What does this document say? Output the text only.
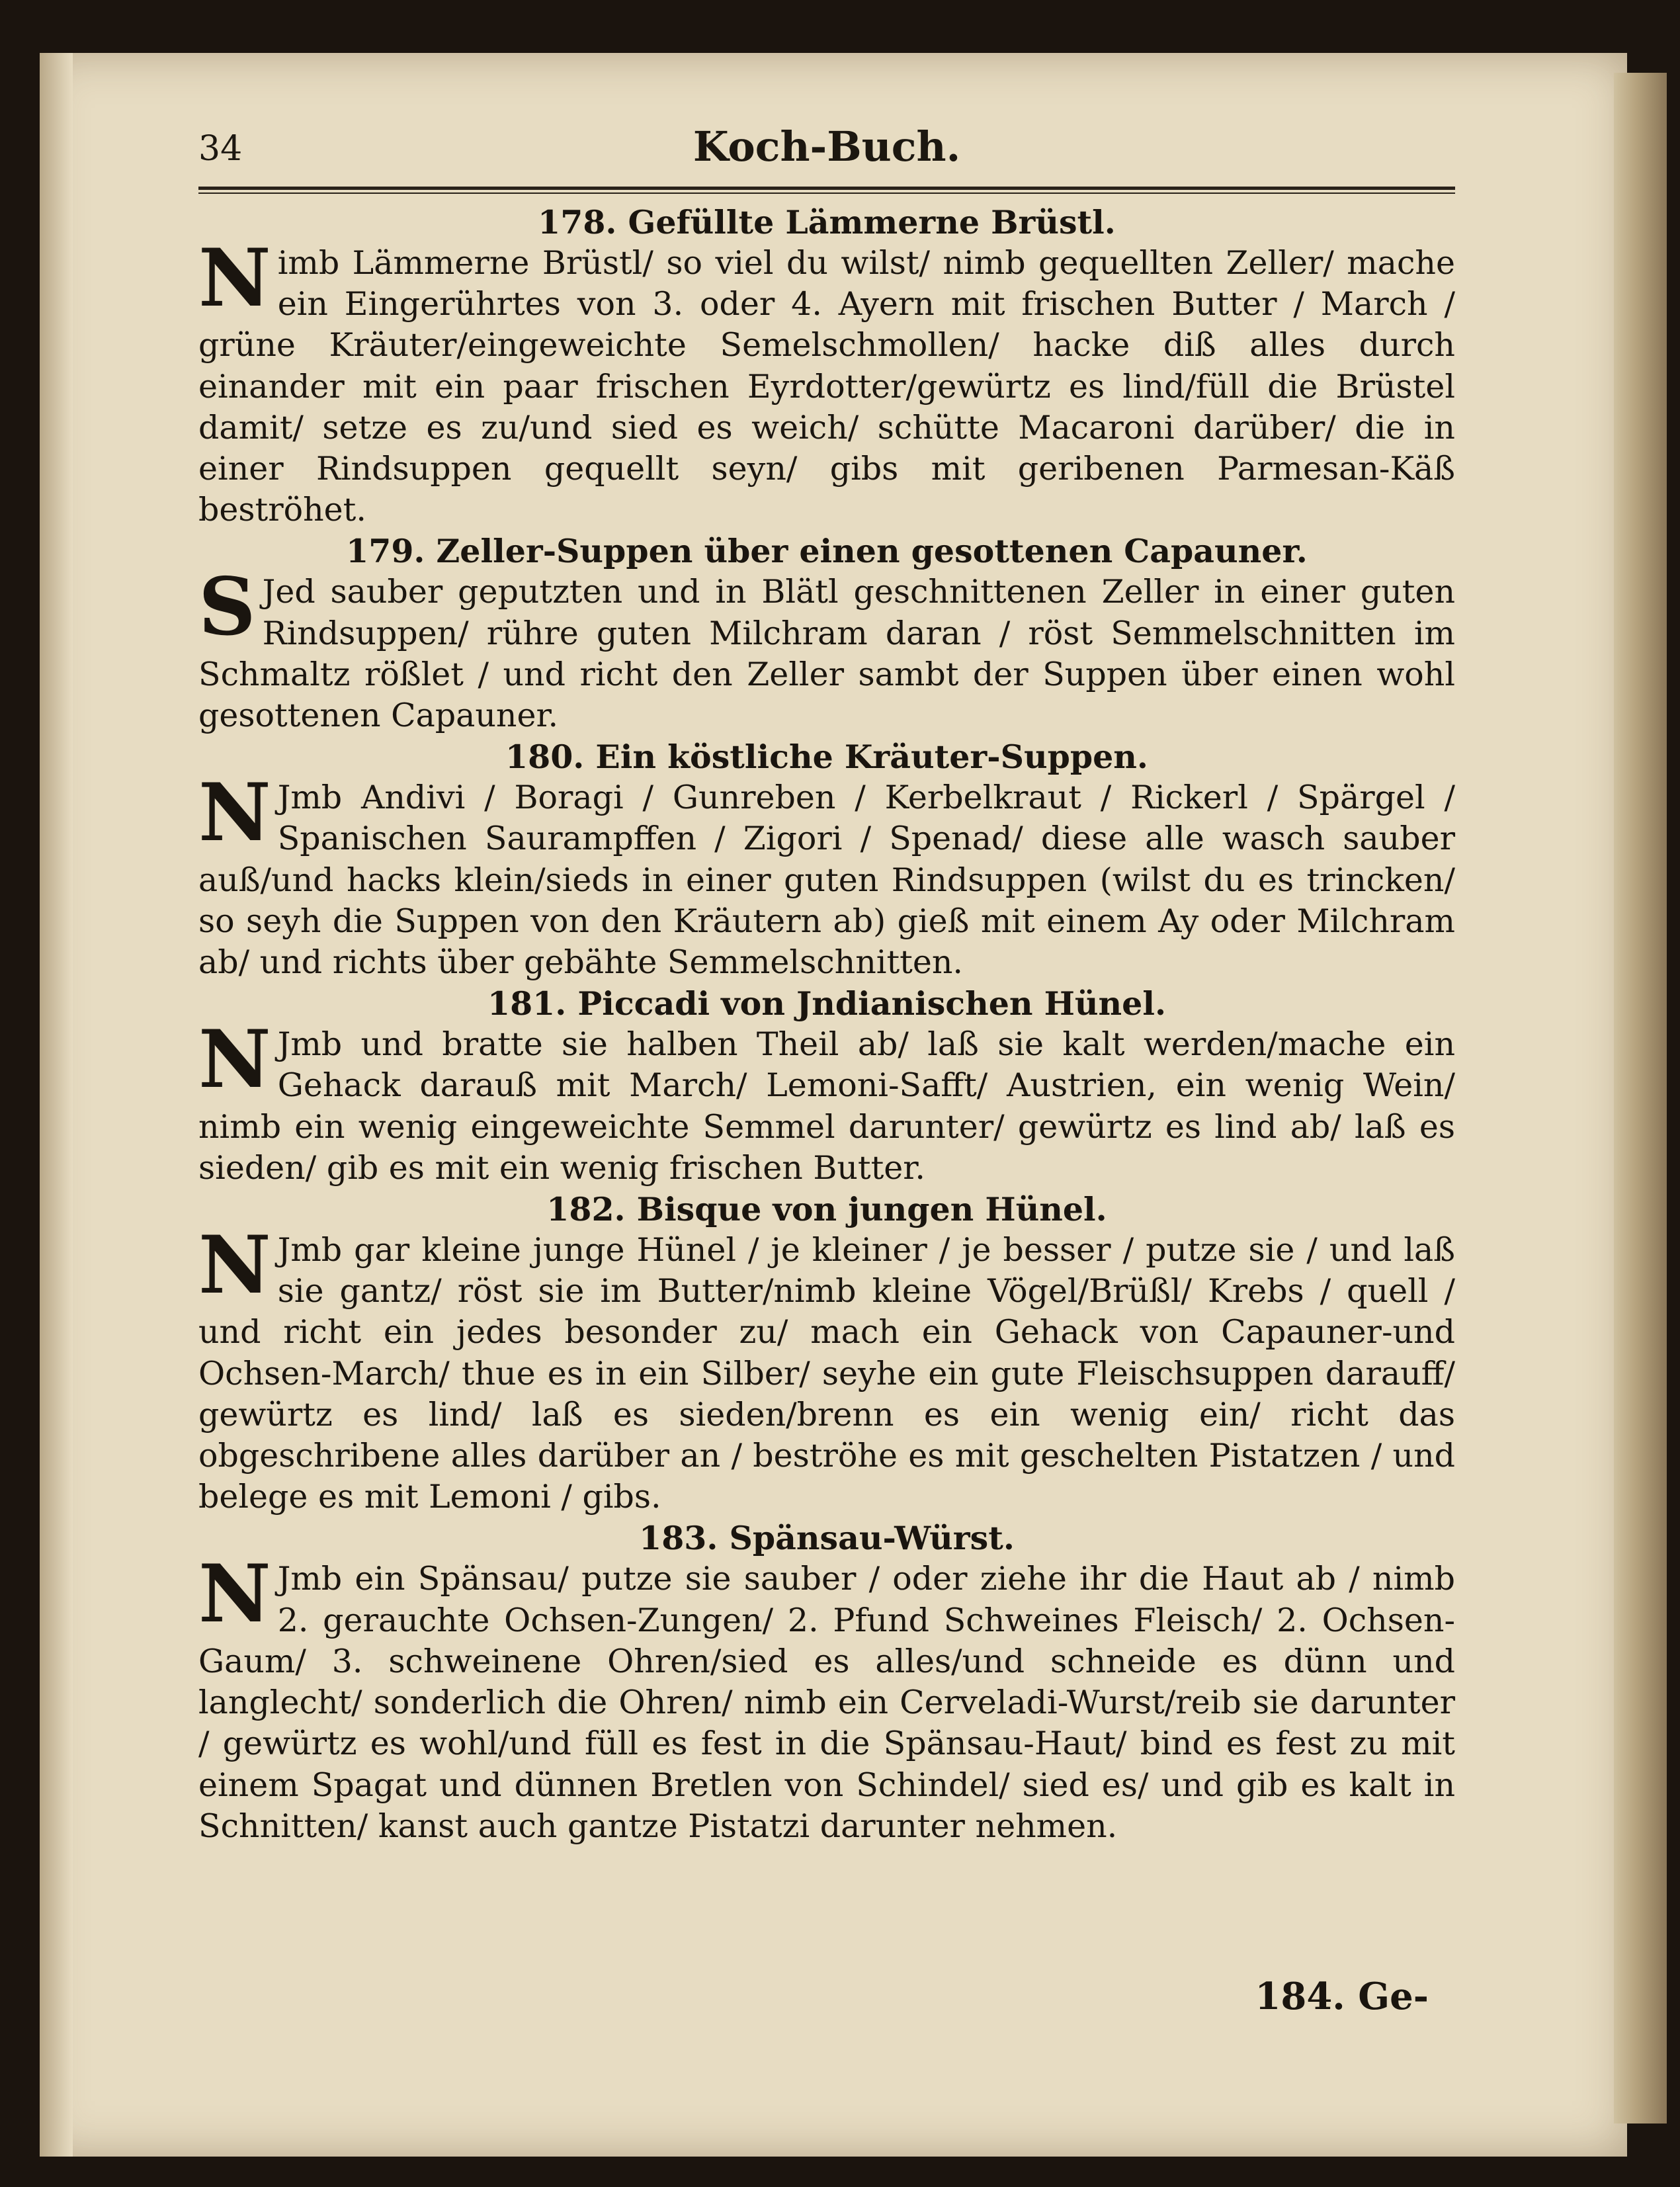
34	Koch-Buch.
178. Gefüllte Lämmerne Brüstl.
Nimb Lämmerne Brüstl/ so viel du wilst/ nimb gequellten Zeller/ mache ein Eingerührtes von 3. oder 4. Ayern mit frischen Butter / March / grüne Kräuter/eingeweichte Semelschmollen/ hacke diß alles durch einander mit ein paar frischen Eyrdotter/gewürtz es lind/füll die Brüstel damit/ setze es zu/und sied es weich/ schütte Macaroni darüber/ die in einer Rindsuppen gequellt seyn/ gibs mit geribenen Parmesan-Käß beströhet.
179. Zeller-Suppen über einen gesottenen Capauner.
SJed sauber geputzten und in Blätl geschnittenen Zeller in einer guten Rindsuppen/ rühre guten Milchram daran / röst Semmelschnitten im Schmaltz rößlet / und richt den Zeller sambt der Suppen über einen wohl gesottenen Capauner.
180. Ein köstliche Kräuter-Suppen.
NJmb Andivi / Boragi / Gunreben / Kerbelkraut / Rickerl / Spärgel / Spanischen Saurampffen / Zigori / Spenad/ diese alle wasch sauber auß/und hacks klein/sieds in einer guten Rindsuppen (wilst du es trincken/ so seyh die Suppen von den Kräutern ab) gieß mit einem Ay oder Milchram ab/ und richts über gebähte Semmelschnitten.
181. Piccadi von Jndianischen Hünel.
NJmb und bratte sie halben Theil ab/ laß sie kalt werden/mache ein Gehack darauß mit March/ Lemoni-Safft/ Austrien, ein wenig Wein/ nimb ein wenig eingeweichte Semmel darunter/ gewürtz es lind ab/ laß es sieden/ gib es mit ein wenig frischen Butter.
182. Bisque von jungen Hünel.
NJmb gar kleine junge Hünel / je kleiner / je besser / putze sie / und laß sie gantz/ röst sie im Butter/nimb kleine Vögel/Brüßl/ Krebs / quell / und richt ein jedes besonder zu/ mach ein Gehack von Capauner-und Ochsen-March/ thue es in ein Silber/ seyhe ein gute Fleischsuppen darauff/ gewürtz es lind/ laß es sieden/brenn es ein wenig ein/ richt das obgeschribene alles darüber an / beströhe es mit geschelten Pistatzen / und belege es mit Lemoni / gibs.
183. Spänsau-Würst.
NJmb ein Spänsau/ putze sie sauber / oder ziehe ihr die Haut ab / nimb 2. gerauchte Ochsen-Zungen/ 2. Pfund Schweines Fleisch/ 2. Ochsen-Gaum/ 3. schweinene Ohren/sied es alles/und schneide es dünn und langlecht/ sonderlich die Ohren/ nimb ein Cerveladi-Wurst/reib sie darunter / gewürtz es wohl/und füll es fest in die Spänsau-Haut/ bind es fest zu mit einem Spagat und dünnen Bretlen von Schindel/ sied es/ und gib es kalt in Schnitten/ kanst auch gantze Pistatzi darunter nehmen.
184. Ge-
